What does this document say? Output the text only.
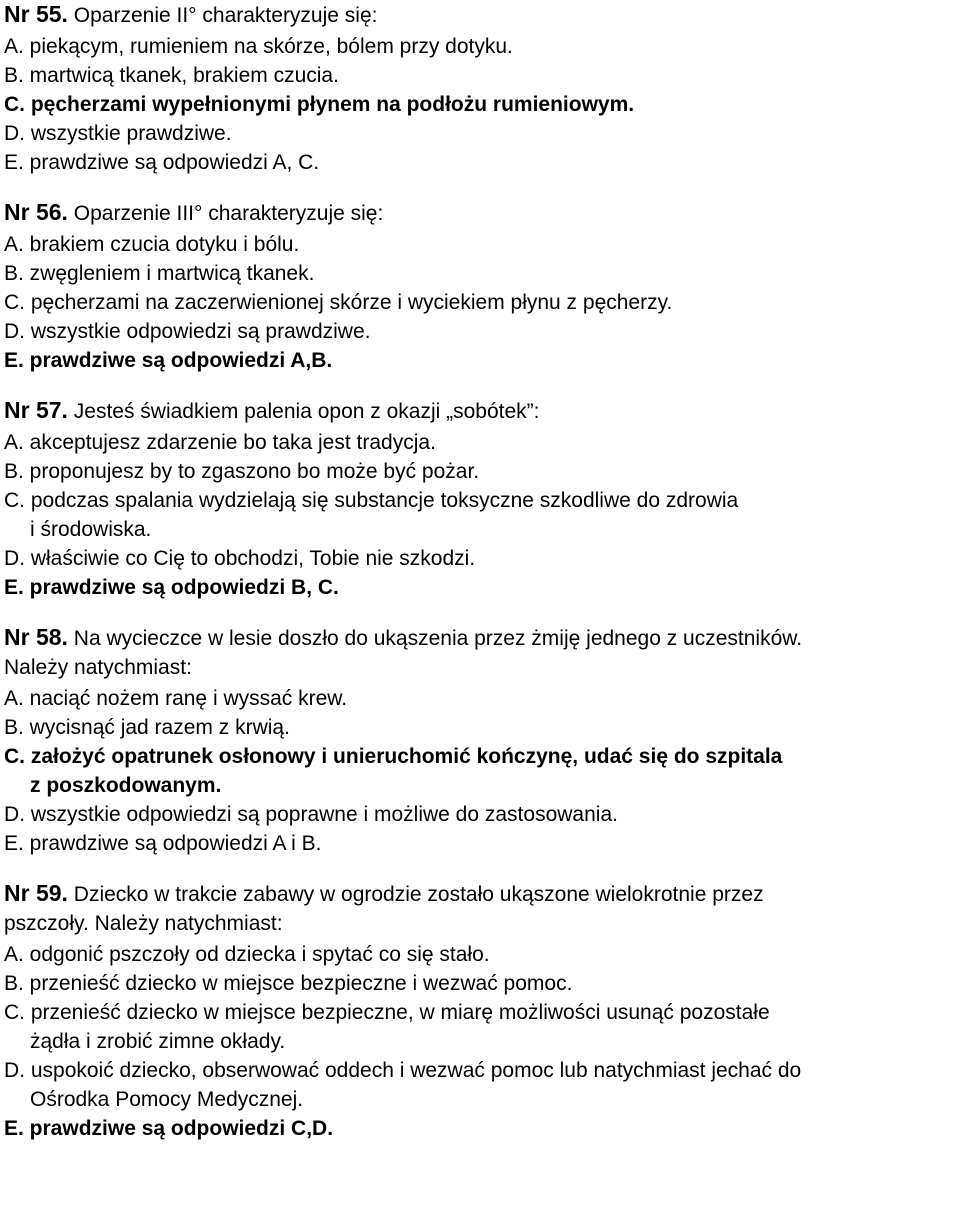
Nr 55. Oparzenie II° charakteryzuje się:
A. piekącym, rumieniem na skórze, bólem przy dotyku.
B. martwicą tkanek, brakiem czucia.
C. pęcherzami wypełnionymi płynem na podłożu rumieniowym.
D. wszystkie prawdziwe.
E. prawdziwe są odpowiedzi A, C.
Nr 56. Oparzenie III° charakteryzuje się:
A. brakiem czucia dotyku i bólu.
B. zwęgleniem i martwicą tkanek.
C. pęcherzami na zaczerwienionej skórze i wyciekiem płynu z pęcherzy.
D. wszystkie odpowiedzi są prawdziwe.
E. prawdziwe są odpowiedzi A,B.
Nr 57. Jesteś świadkiem palenia opon z okazji „sobótek”:
A. akceptujesz zdarzenie bo taka jest tradycja.
B. proponujesz by to zgaszono bo może być pożar.
C. podczas spalania wydzielają się substancje toksyczne szkodliwe do zdrowia
i środowiska.
D. właściwie co Cię to obchodzi, Tobie nie szkodzi.
E. prawdziwe są odpowiedzi B, C.
Nr 58. Na wycieczce w lesie doszło do ukąszenia przez żmiję jednego z uczestników.
Należy natychmiast:
A. naciąć nożem ranę i wyssać krew.
B. wycisnąć jad razem z krwią.
C. założyć opatrunek osłonowy i unieruchomić kończynę, udać się do szpitala
z poszkodowanym.
D. wszystkie odpowiedzi są poprawne i możliwe do zastosowania.
E. prawdziwe są odpowiedzi A i B.
Nr 59. Dziecko w trakcie zabawy w ogrodzie zostało ukąszone wielokrotnie przez
pszczoły. Należy natychmiast:
A. odgonić pszczoły od dziecka i spytać co się stało.
B. przenieść dziecko w miejsce bezpieczne i wezwać pomoc.
C. przenieść dziecko w miejsce bezpieczne, w miarę możliwości usunąć pozostałe
żądła i zrobić zimne okłady.
D. uspokoić dziecko, obserwować oddech i wezwać pomoc lub natychmiast jechać do
Ośrodka Pomocy Medycznej.
E. prawdziwe są odpowiedzi C,D.
